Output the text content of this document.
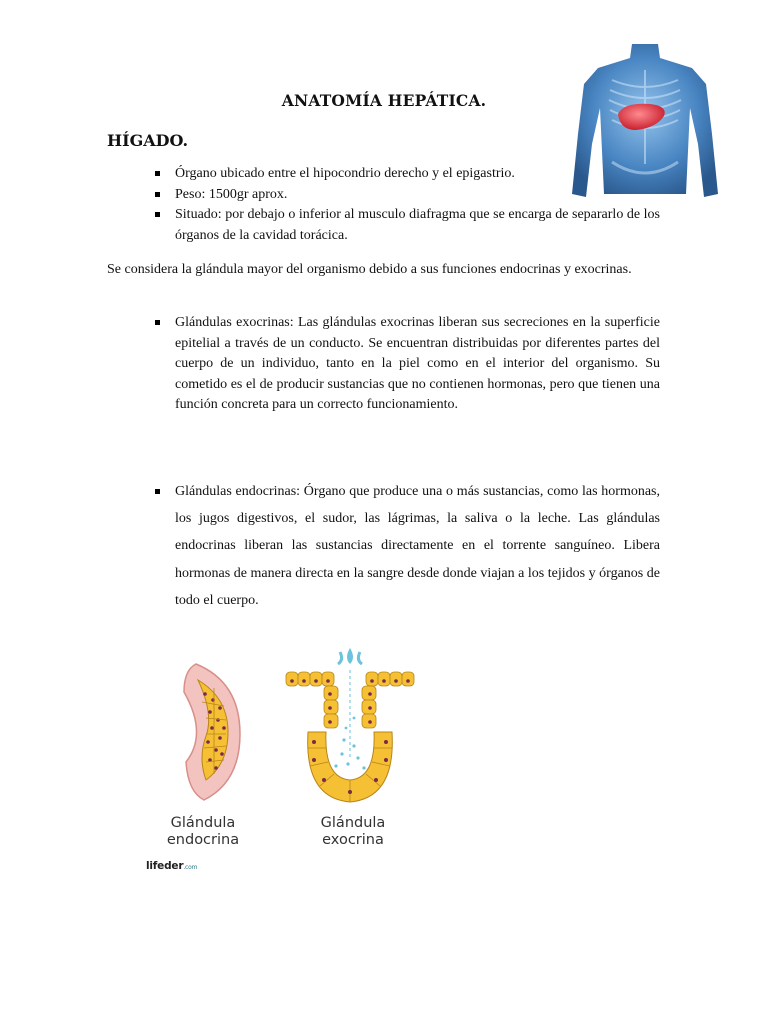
ANATOMÍA HEPÁTICA.
HÍGADO.
Órgano ubicado entre el hipocondrio derecho y el epigastrio.
Peso: 1500gr aprox.
Situado: por debajo o inferior al musculo diafragma que se encarga de separarlo de los órganos de la cavidad torácica.
Se considera la glándula mayor del organismo debido a sus funciones endocrinas y exocrinas.
Glándulas exocrinas: Las glándulas exocrinas liberan sus secreciones en la superficie epitelial a través de un conducto. Se encuentran distribuidas por diferentes partes del cuerpo de un individuo, tanto en la piel como en el interior del organismo. Su cometido es el de producir sustancias que no contienen hormonas, pero que tienen una función concreta para un correcto funcionamiento.
Glándulas endocrinas: Órgano que produce una o más sustancias, como las hormonas, los jugos digestivos, el sudor, las lágrimas, la saliva o la leche. Las glándulas endocrinas liberan las sustancias directamente en el torrente sanguíneo. Libera hormonas de manera directa en la sangre desde donde viajan a los tejidos y órganos de todo el cuerpo.
Glándula
endocrina
Glándula
exocrina
lifeder.com
